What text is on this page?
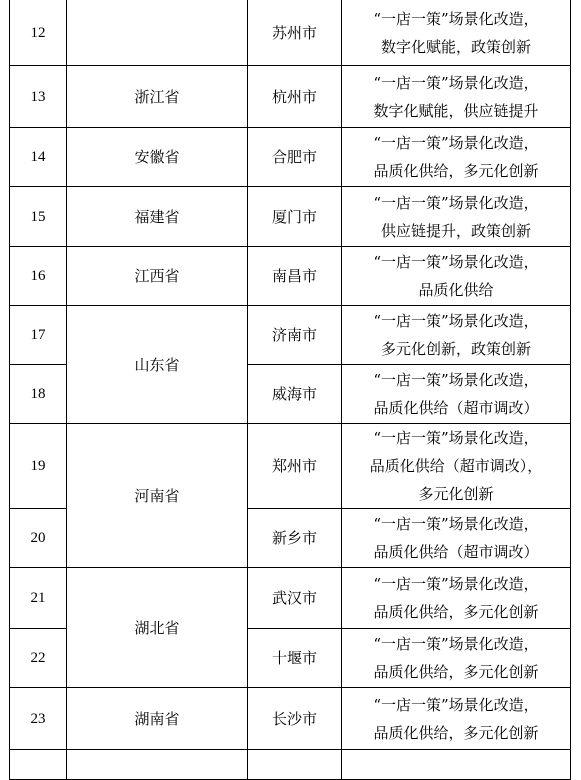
12		苏州市	“一店一策”场景化改造，
数字化赋能，政策创新

13	浙江省	杭州市	“一店一策”场景化改造，
数字化赋能，供应链提升

14	安徽省	合肥市	“一店一策”场景化改造，
品质化供给，多元化创新

15	福建省	厦门市	“一店一策”场景化改造，
供应链提升，政策创新

16	江西省	南昌市	“一店一策”场景化改造，
品质化供给

17	山东省	济南市	“一店一策”场景化改造，
多元化创新，政策创新

18		威海市	“一店一策”场景化改造，
品质化供给（超市调改）

19	河南省	郑州市	“一店一策”场景化改造，
品质化供给（超市调改），
多元化创新

20		新乡市	“一店一策”场景化改造，
品质化供给（超市调改）

21	湖北省	武汉市	“一店一策”场景化改造，
品质化供给，多元化创新

22		十堰市	“一店一策”场景化改造，
品质化供给，多元化创新

23	湖南省	长沙市	“一店一策”场景化改造，
品质化供给，多元化创新
